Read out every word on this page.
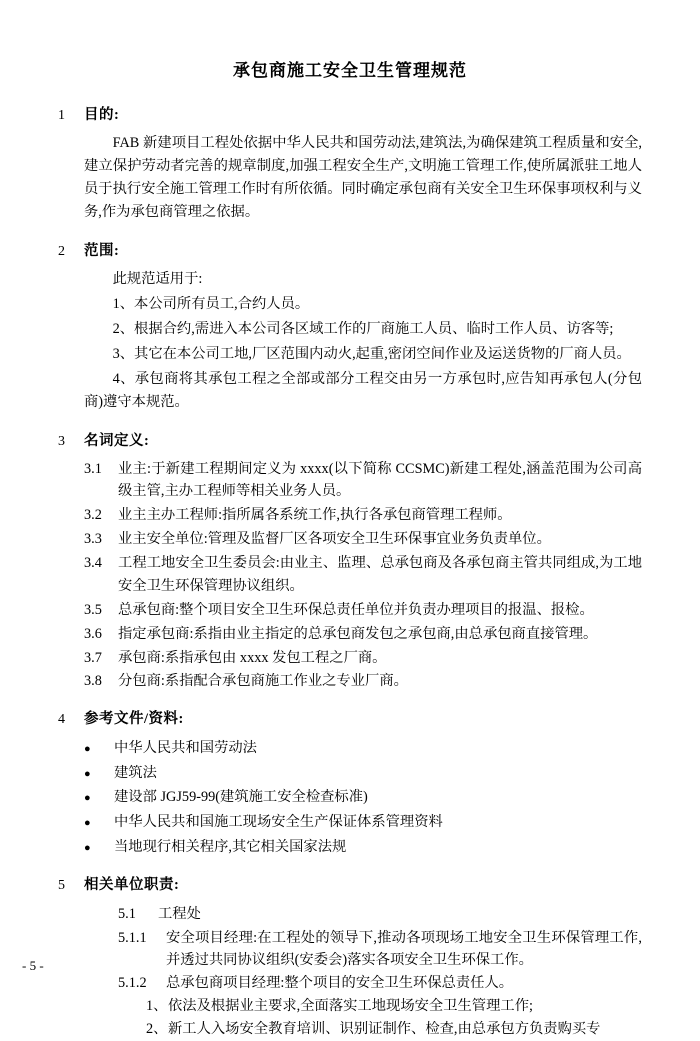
承包商施工安全卫生管理规范
1	目的:
FAB 新建项目工程处依据中华人民共和国劳动法,建筑法,为确保建筑工程质量和安全,建立保护劳动者完善的规章制度,加强工程安全生产,文明施工管理工作,使所属派驻工地人员于执行安全施工管理工作时有所依循。同时确定承包商有关安全卫生环保事项权利与义务,作为承包商管理之依据。
2	范围:
此规范适用于:
1、本公司所有员工,合约人员。
2、根据合约,需进入本公司各区域工作的厂商施工人员、临时工作人员、访客等;
3、其它在本公司工地,厂区范围内动火,起重,密闭空间作业及运送货物的厂商人员。
4、承包商将其承包工程之全部或部分工程交由另一方承包时,应告知再承包人(分包商)遵守本规范。
3	名词定义:
3.1	业主:于新建工程期间定义为 xxxx(以下简称 CCSMC)新建工程处,涵盖范围为公司高级主管,主办工程师等相关业务人员。
3.2	业主主办工程师:指所属各系统工作,执行各承包商管理工程师。
3.3	业主安全单位:管理及监督厂区各项安全卫生环保事宜业务负责单位。
3.4	工程工地安全卫生委员会:由业主、监理、总承包商及各承包商主管共同组成,为工地安全卫生环保管理协议组织。
3.5	总承包商:整个项目安全卫生环保总责任单位并负责办理项目的报温、报检。
3.6	指定承包商:系指由业主指定的总承包商发包之承包商,由总承包商直接管理。
3.7	承包商:系指承包由 xxxx 发包工程之厂商。
3.8	分包商:系指配合承包商施工作业之专业厂商。
4	参考文件/资料:
●	中华人民共和国劳动法
●	建筑法
●	建设部 JGJ59-99(建筑施工安全检查标准)
●	中华人民共和国施工现场安全生产保证体系管理资料
●	当地现行相关程序,其它相关国家法规
5	相关单位职责:
5.1	工程处
5.1.1	安全项目经理:在工程处的领导下,推动各项现场工地安全卫生环保管理工作,并透过共同协议组织(安委会)落实各项安全卫生环保工作。
5.1.2	总承包商项目经理:整个项目的安全卫生环保总责任人。
1、 依法及根据业主要求,全面落实工地现场安全卫生管理工作;
2、 新工人入场安全教育培训、识别证制作、检查,由总承包方负责购买专
- 5 -
